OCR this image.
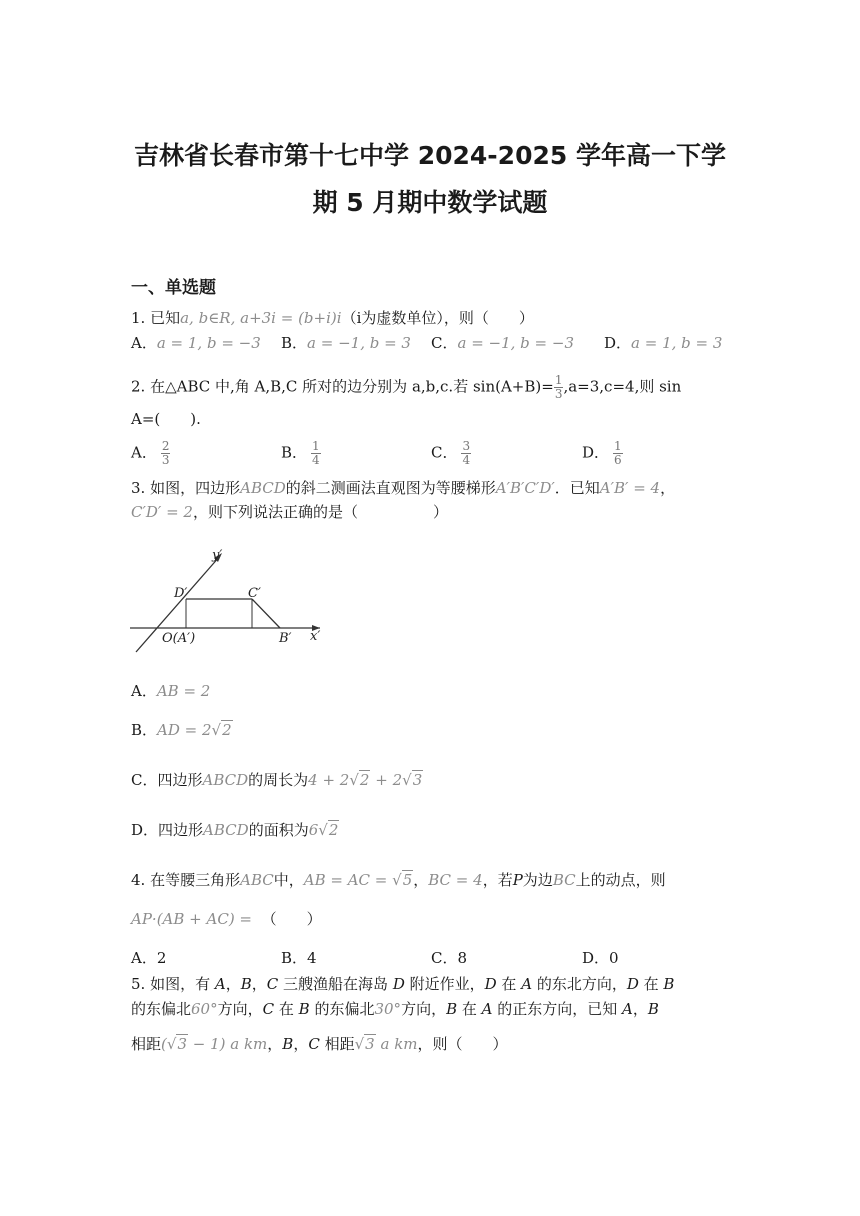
吉林省长春市第十七中学 2024-2025 学年高一下学
期 5 月期中数学试题
一、单选题
1. 已知a, b∈R, a+3i = (b+i)i（i为虚数单位），则（　　）
A．a = 1, b = −3 B．a = −1, b = 3 C．a = −1, b = −3 D．a = 1, b = 3
2. 在△ABC 中,角 A,B,C 所对的边分别为 a,b,c.若 $\sin(A+B)= \frac{1}{3} ,a=3,c=4$,则 sin
A=(　　).
A． $\frac{2}{3}$	B． $\frac{1}{4}$	C． $\frac{3}{4}$	D． $\frac{1}{6}$
3. 如图，四边形ABCD的斜二测画法直观图为等腰梯形A′B′C′D′．已知A′B′ = 4，
C′D′ = 2，则下列说法正确的是（　　　　　）
y′
x′
D′	C′
O(A′)	B′
A．AB = 2
B．AD = 2√2
C．四边形ABCD的周长为4 + 2√2 + 2√3
D．四边形ABCD的面积为6√2
4. 在等腰三角形ABC中，AB = AC = √5，BC = 4，若P为边BC上的动点，则
AP·(AB + AC) = （　　）
A．2	B．4	C．8	D．0
5. 如图，有 A，B，C 三艘渔船在海岛 D 附近作业，D 在 A 的东北方向，D 在 B
的东偏北60°方向，C 在 B 的东偏北30°方向，B 在 A 的正东方向，已知 A，B
相距(√3 − 1) a km，B，C 相距√3 a km，则（　　）
